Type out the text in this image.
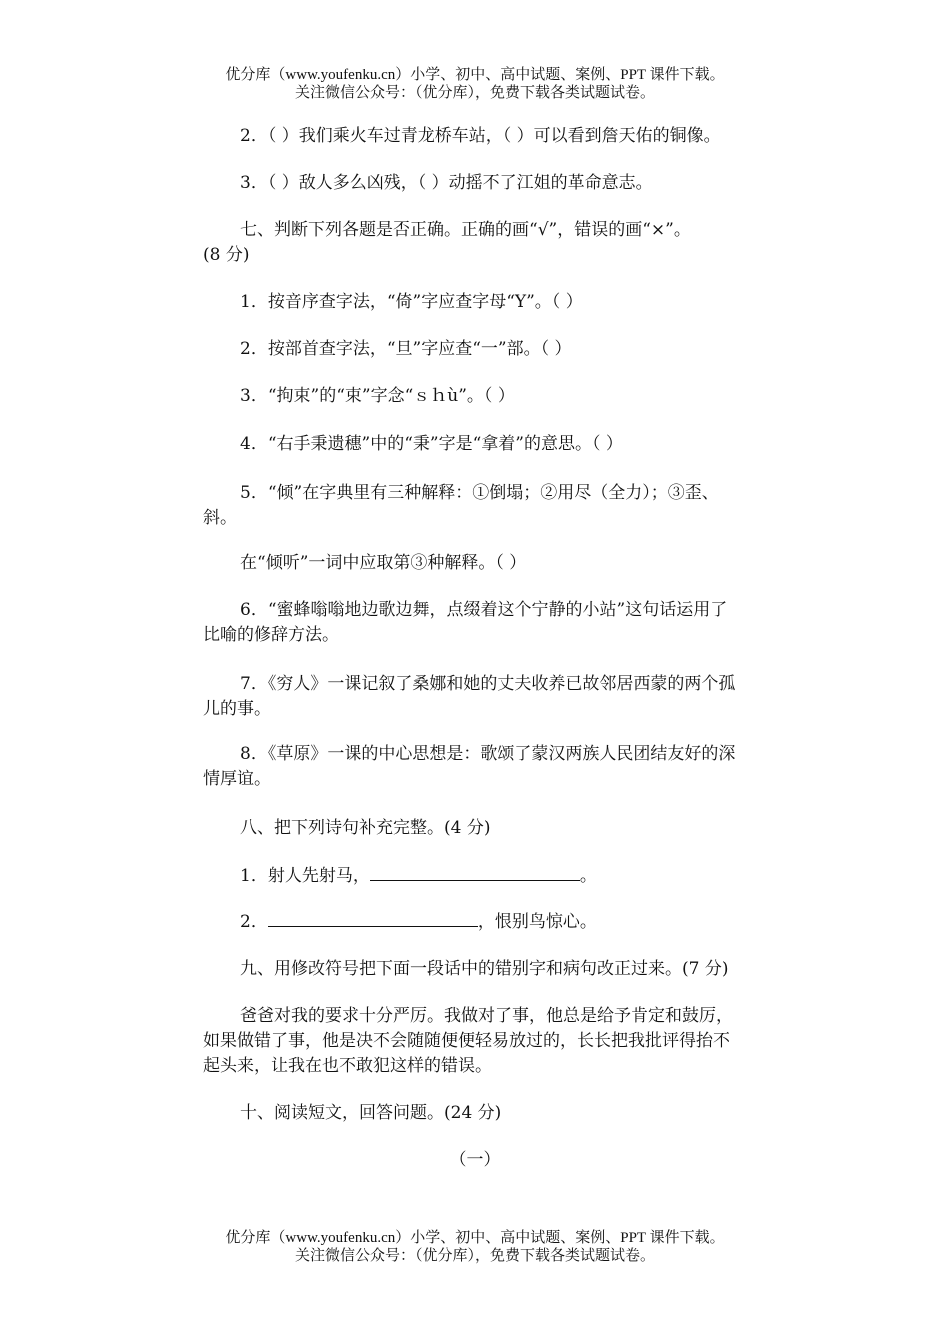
优分库（www.youfenku.cn）小学、初中、高中试题、案例、PPT 课件下载。
关注微信公众号：（优分库），免费下载各类试题试卷。
2．（ ）我们乘火车过青龙桥车站，（ ）可以看到詹天佑的铜像。
3．（ ）敌人多么凶残，（ ）动摇不了江姐的革命意志。
七、判断下列各题是否正确。正确的画“√”，错误的画“×”。
(8 分)
1．按音序查字法，“倚”字应查字母“Y”。（ ）
2．按部首查字法，“旦”字应查“一”部。（ ）
3．“拘束”的“束”字念“ｓｈù”。（ ）
4．“右手秉遗穗”中的“秉”字是“拿着”的意思。（ ）
5．“倾”在字典里有三种解释：①倒塌；②用尽（全力）；③歪、
斜。
在“倾听”一词中应取第③种解释。（ ）
6．“蜜蜂嗡嗡地边歌边舞，点缀着这个宁静的小站”这句话运用了
比喻的修辞方法。
7．《穷人》一课记叙了桑娜和她的丈夫收养已故邻居西蒙的两个孤
儿的事。
8．《草原》一课的中心思想是：歌颂了蒙汉两族人民团结友好的深
情厚谊。
八、把下列诗句补充完整。(4 分)
1．射人先射马，	。
2．	，恨别鸟惊心。
九、用修改符号把下面一段话中的错别字和病句改正过来。(7 分)
爸爸对我的要求十分严厉。我做对了事，他总是给予肯定和鼓厉，
如果做错了事，他是决不会随随便便轻易放过的，长长把我批评得抬不
起头来，让我在也不敢犯这样的错误。
十、阅读短文，回答问题。(24 分)
（一）
优分库（www.youfenku.cn）小学、初中、高中试题、案例、PPT 课件下载。
关注微信公众号：（优分库），免费下载各类试题试卷。
